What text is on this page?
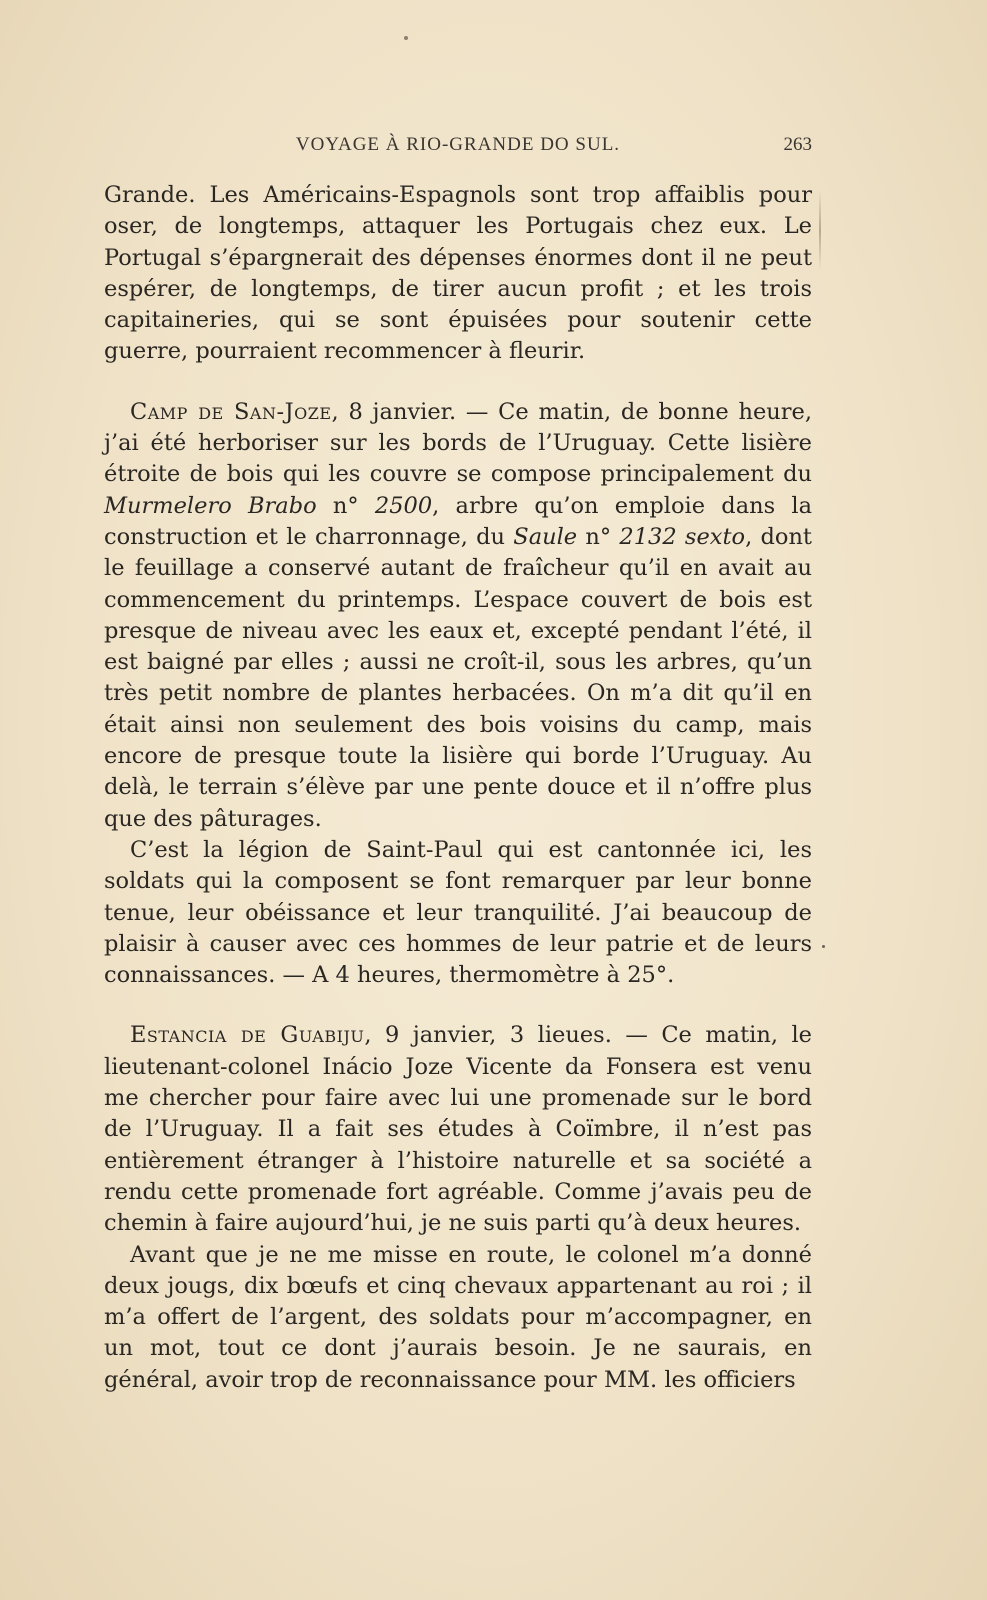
VOYAGE À RIO-GRANDE DO SUL.	263

Grande. Les Américains-Espagnols sont trop affaiblis pour oser, de longtemps, attaquer les Portugais chez eux. Le Portugal s’épargnerait des dépenses énormes dont il ne peut espérer, de longtemps, de tirer aucun profit ; et les trois capitaineries, qui se sont épuisées pour soutenir cette guerre, pourraient recommencer à fleurir.

Camp de San-Joze, 8 janvier. — Ce matin, de bonne heure, j’ai été herboriser sur les bords de l’Uruguay. Cette lisière étroite de bois qui les couvre se compose principalement du Murmelero Brabo n° 2500, arbre qu’on emploie dans la construction et le charronnage, du Saule n° 2132 sexto, dont le feuillage a conservé autant de fraîcheur qu’il en avait au commencement du printemps. L’espace couvert de bois est presque de niveau avec les eaux et, excepté pendant l’été, il est baigné par elles ; aussi ne croît-il, sous les arbres, qu’un très petit nombre de plantes herbacées. On m’a dit qu’il en était ainsi non seulement des bois voisins du camp, mais encore de presque toute la lisière qui borde l’Uruguay. Au delà, le terrain s’élève par une pente douce et il n’offre plus que des pâturages.

C’est la légion de Saint-Paul qui est cantonnée ici, les soldats qui la composent se font remarquer par leur bonne tenue, leur obéissance et leur tranquilité. J’ai beaucoup de plaisir à causer avec ces hommes de leur patrie et de leurs connaissances. — A 4 heures, thermomètre à 25°.

Estancia de Guabiju, 9 janvier, 3 lieues. — Ce matin, le lieutenant-colonel Inácio Joze Vicente da Fonsera est venu me chercher pour faire avec lui une promenade sur le bord de l’Uruguay. Il a fait ses études à Coïmbre, il n’est pas entièrement étranger à l’histoire naturelle et sa société a rendu cette promenade fort agréable. Comme j’avais peu de chemin à faire aujourd’hui, je ne suis parti qu’à deux heures.

Avant que je ne me misse en route, le colonel m’a donné deux jougs, dix bœufs et cinq chevaux appartenant au roi ; il m’a offert de l’argent, des soldats pour m’accompagner, en un mot, tout ce dont j’aurais besoin. Je ne saurais, en général, avoir trop de reconnaissance pour MM. les officiers
